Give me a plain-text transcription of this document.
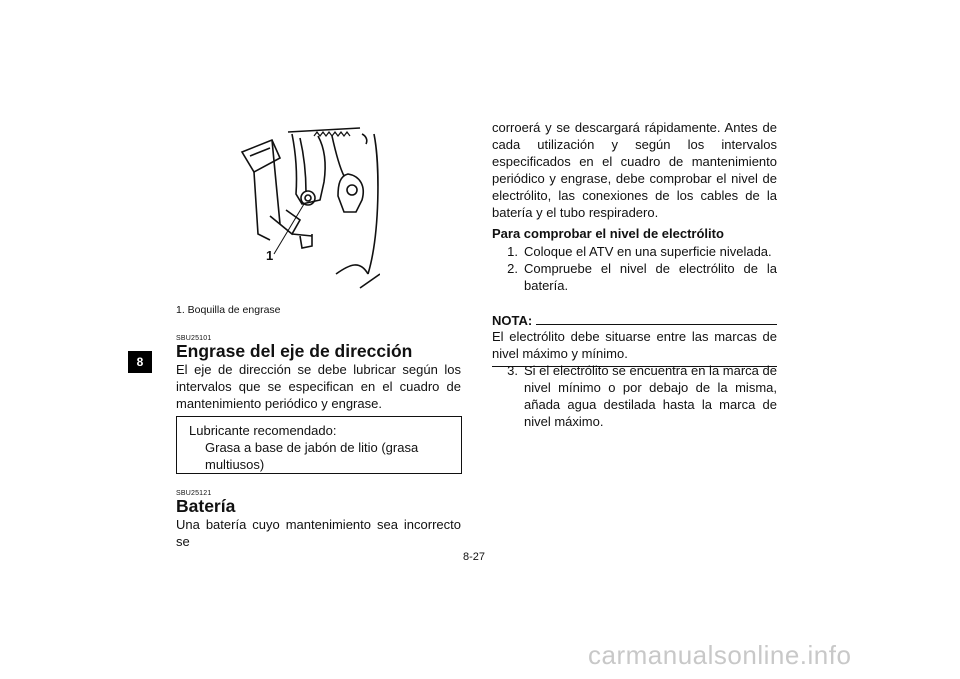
8
1
1. Boquilla de engrase
SBU25101
Engrase del eje de dirección
El eje de dirección se debe lubricar según los intervalos que se especifican en el cuadro de mantenimiento periódico y engrase.
Lubricante recomendado:
Grasa a base de jabón de litio (grasa multiusos)
SBU25121
Batería
Una batería cuyo mantenimiento sea incorrecto se
corroerá y se descargará rápidamente. Antes de cada utilización y según los intervalos especificados en el cuadro de mantenimiento periódico y engrase, debe comprobar el nivel de electrólito, las conexiones de los cables de la batería y el tubo respiradero.
Para comprobar el nivel de electrólito
1. Coloque el ATV en una superficie nivelada.
2. Compruebe el nivel de electrólito de la batería.
NOTA:
El electrólito debe situarse entre las marcas de nivel máximo y mínimo.
3. Si el electrólito se encuentra en la marca de nivel mínimo o por debajo de la misma, añada agua destilada hasta la marca de nivel máximo.
8-27
carmanualsonline.info
